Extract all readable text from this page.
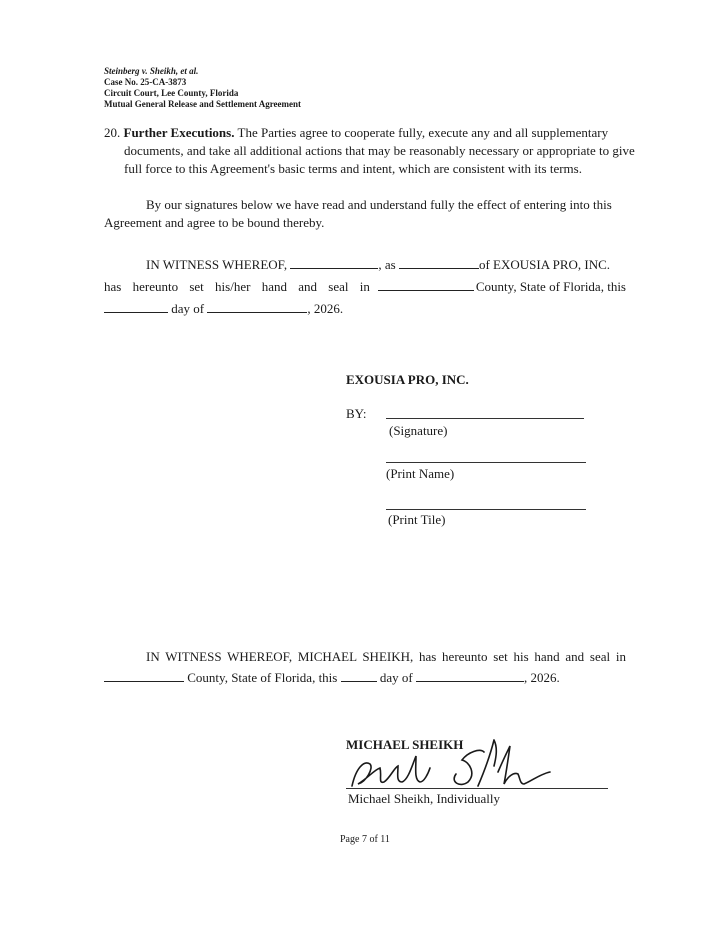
Steinberg v. Sheikh, et al.
Case No. 25-CA-3873
Circuit Court, Lee County, Florida
Mutual General Release and Settlement Agreement
20. Further Executions. The Parties agree to cooperate fully, execute any and all supplementary documents, and take all additional actions that may be reasonably necessary or appropriate to give full force to this Agreement's basic terms and intent, which are consistent with its terms.
By our signatures below we have read and understand fully the effect of entering into this Agreement and agree to be bound thereby.
IN WITNESS WHEREOF,	, as	of EXOUSIA PRO, INC.
has hereunto set his/her hand and seal in	County, State of Florida, this
day of	, 2026.
EXOUSIA PRO, INC.
BY:
(Signature)
(Print Name)
(Print Tile)
IN WITNESS WHEREOF, MICHAEL SHEIKH, has hereunto set his hand and seal in
County, State of Florida, this	day of	, 2026.
MICHAEL SHEIKH
Michael Sheikh, Individually
Page 7 of 11
